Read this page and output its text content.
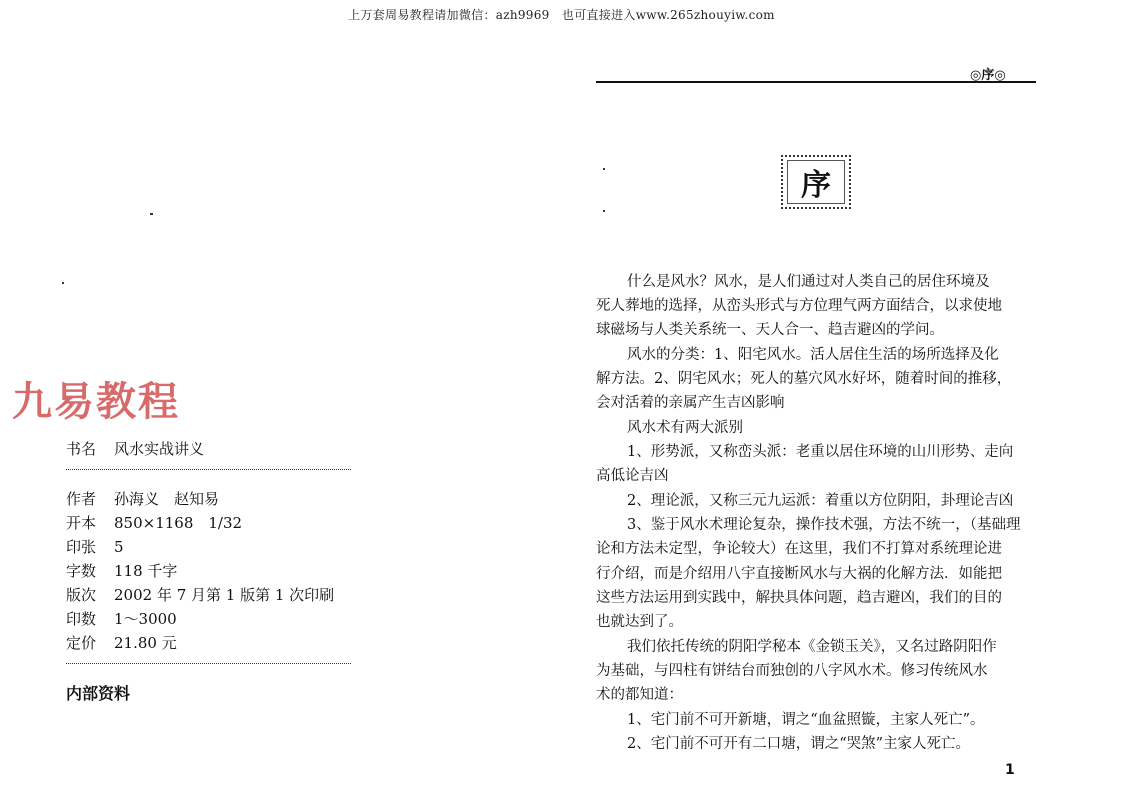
上万套周易教程请加微信：azh9969　也可直接进入www.265zhouyiw.com
九易教程
书名 风水实战讲义
作者 孙海义　赵知易
开本 850×1168　1/32
印张 5
字数 118 千字
版次 2002 年 7 月第 1 版第 1 次印刷
印数 1～3000
定价 21.80 元
内部资料
◎序◎
序
什么是风水？风水，是人们通过对人类自己的居住环境及
死人葬地的选择，从峦头形式与方位理气两方面结合，以求使地
球磁场与人类关系统一、天人合一、趋吉避凶的学问。
风水的分类：1、阳宅风水。活人居住生活的场所选择及化
解方法。2、阴宅风水；死人的墓穴风水好坏，随着时间的推移，
会对活着的亲属产生吉凶影响
风水术有两大派别
1、形势派，又称峦头派：老重以居住环境的山川形势、走向
高低论吉凶
2、理论派，又称三元九运派：着重以方位阴阳，卦理论吉凶
3、鉴于风水术理论复杂，操作技术强，方法不统一，（基础理
论和方法未定型，争论较大）在这里，我们不打算对系统理论进
行介绍，而是介绍用八宇直接断风水与大祸的化解方法．如能把
这些方法运用到实践中，解抉具体问题，趋吉避凶，我们的目的
也就达到了。
我们依托传统的阴阳学秘本《金锁玉关》，又名过路阴阳作
为基础，与四柱有饼结台而独创的八字风水术。修习传统风水
术的都知道：
1、宅门前不可开新塘，谓之“血盆照镟，主家人死亡”。
2、宅门前不可开有二口塘，谓之“哭煞”主家人死亡。
1
